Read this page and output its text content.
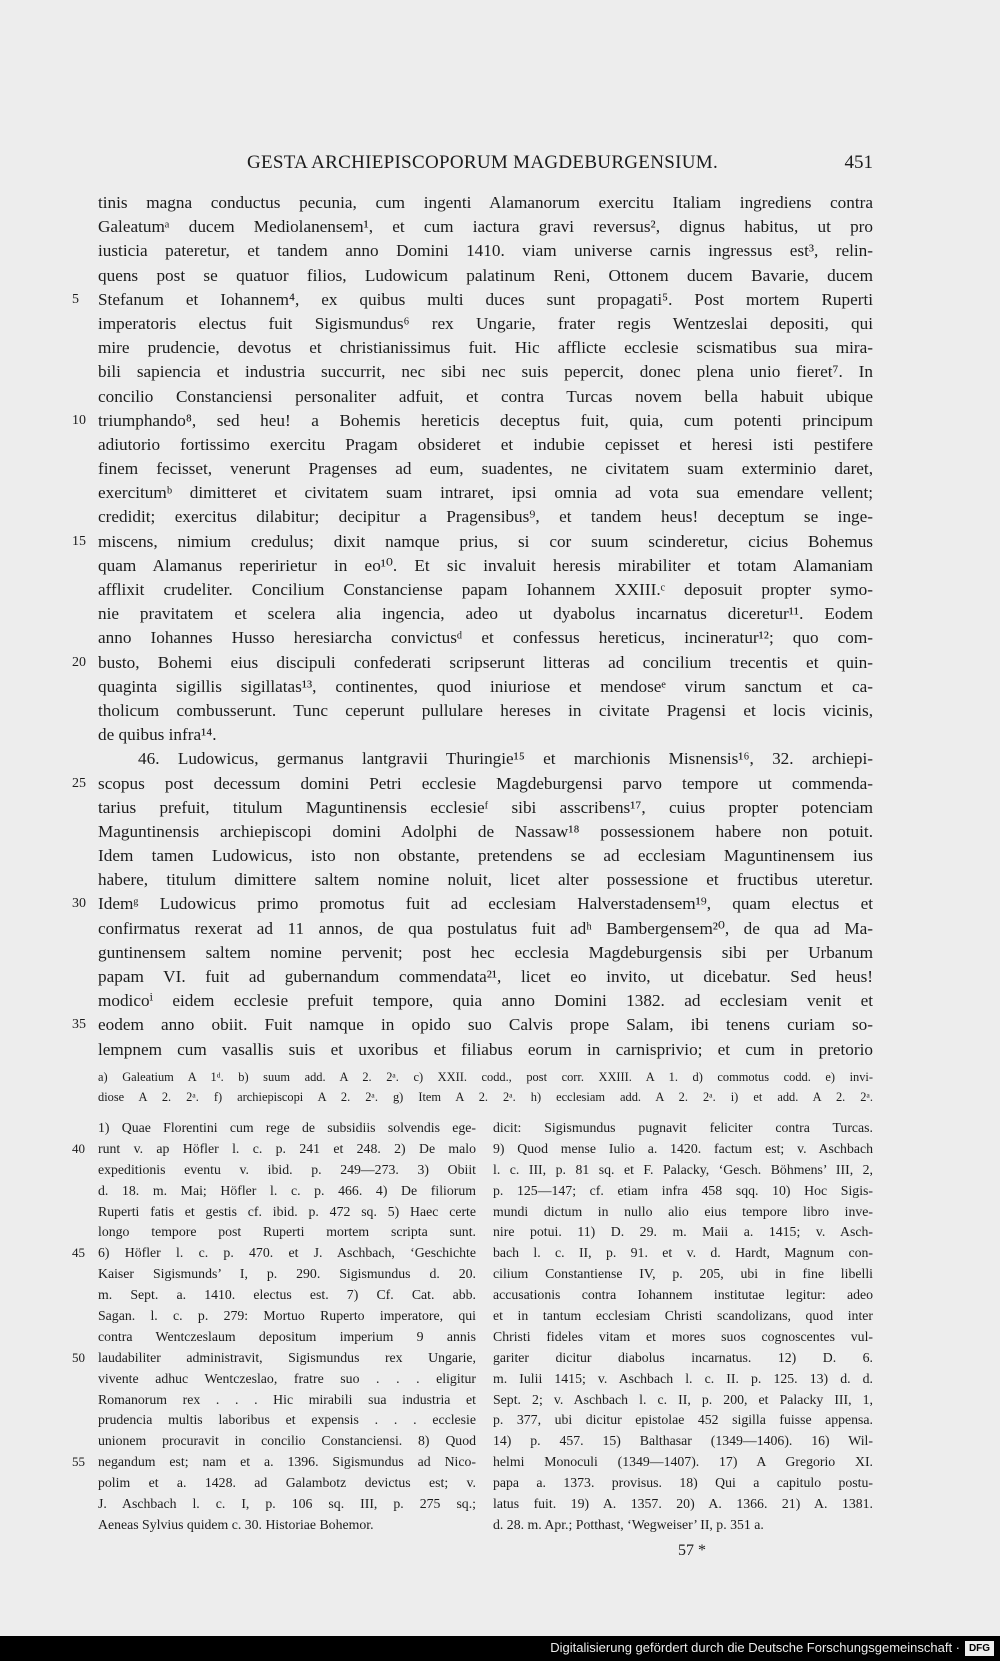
GESTA ARCHIEPISCOPORUM MAGDEBURGENSIUM.	451
tinis magna conductus pecunia, cum ingenti Alamanorum exercitu Italiam ingrediens contra
Galeatumᵃ ducem Mediolanensem¹, et cum iactura gravi reversus², dignus habitus, ut pro
iusticia pateretur, et tandem anno Domini 1410. viam universe carnis ingressus est³, relin-
quens post se quatuor filios, Ludowicum palatinum Reni, Ottonem ducem Bavarie, ducem
5 Stefanum et Iohannem⁴, ex quibus multi duces sunt propagati⁵. Post mortem Ruperti
imperatoris electus fuit Sigismundus⁶ rex Ungarie, frater regis Wentzeslai depositi, qui
mire prudencie, devotus et christianissimus fuit. Hic afflicte ecclesie scismatibus sua mira-
bili sapiencia et industria succurrit, nec sibi nec suis pepercit, donec plena unio fieret⁷. In
concilio Constanciensi personaliter adfuit, et contra Turcas novem bella habuit ubique
10 triumphando⁸, sed heu! a Bohemis hereticis deceptus fuit, quia, cum potenti principum
adiutorio fortissimo exercitu Pragam obsideret et indubie cepisset et heresi isti pestifere
finem fecisset, venerunt Pragenses ad eum, suadentes, ne civitatem suam exterminio daret,
exercitumᵇ dimitteret et civitatem suam intraret, ipsi omnia ad vota sua emendare vellent;
credidit; exercitus dilabitur; decipitur a Pragensibus⁹, et tandem heus! deceptum se inge-
15 miscens, nimium credulus; dixit namque prius, si cor suum scinderetur, cicius Bohemus
quam Alamanus reperirietur in eo¹⁰. Et sic invaluit heresis mirabiliter et totam Alamaniam
afflixit crudeliter. Concilium Constanciense papam Iohannem XXIII.ᶜ deposuit propter symo-
nie pravitatem et scelera alia ingencia, adeo ut dyabolus incarnatus diceretur¹¹. Eodem
anno Iohannes Husso heresiarcha convictusᵈ et confessus hereticus, incineratur¹²; quo com-
20 busto, Bohemi eius discipuli confederati scripserunt litteras ad concilium trecentis et quin-
quaginta sigillis sigillatas¹³, continentes, quod iniuriose et mendoseᵉ virum sanctum et ca-
tholicum combusserunt. Tunc ceperunt pullulare hereses in civitate Pragensi et locis vicinis,
de quibus infra¹⁴.
46. Ludowicus, germanus lantgravii Thuringie¹⁵ et marchionis Misnensis¹⁶, 32. archiepi-
25 scopus post decessum domini Petri ecclesie Magdeburgensi parvo tempore ut commenda-
tarius prefuit, titulum Maguntinensis ecclesieᶠ sibi asscribens¹⁷, cuius propter potenciam
Maguntinensis archiepiscopi domini Adolphi de Nassaw¹⁸ possessionem habere non potuit.
Idem tamen Ludowicus, isto non obstante, pretendens se ad ecclesiam Maguntinensem ius
habere, titulum dimittere saltem nomine noluit, licet alter possessione et fructibus uteretur.
30 Idemᵍ Ludowicus primo promotus fuit ad ecclesiam Halverstadensem¹⁹, quam electus et
confirmatus rexerat ad 11 annos, de qua postulatus fuit adʰ Bambergensem²⁰, de qua ad Ma-
guntinensem saltem nomine pervenit; post hec ecclesia Magdeburgensis sibi per Urbanum
papam VI. fuit ad gubernandum commendata²¹, licet eo invito, ut dicebatur. Sed heus!
modicoⁱ eidem ecclesie prefuit tempore, quia anno Domini 1382. ad ecclesiam venit et
35 eodem anno obiit. Fuit namque in opido suo Calvis prope Salam, ibi tenens curiam so-
lempnem cum vasallis suis et uxoribus et filiabus eorum in carnisprivio; et cum in pretorio
a) Galeatium A 1ᵈ. b) suum add. A 2. 2ᵃ. c) XXII. codd., post corr. XXIII. A 1. d) commotus codd. e) invi-
diose A 2. 2ᵃ. f) archiepiscopi A 2. 2ᵃ. g) Item A 2. 2ᵃ. h) ecclesiam add. A 2. 2ᵃ. i) et add. A 2. 2ᵃ.
1) Quae Florentini cum rege de subsidiis solvendis ege-
40 runt v. ap Höfler l. c. p. 241 et 248. 2) De malo
expeditionis eventu v. ibid. p. 249—273. 3) Obiit
d. 18. m. Mai; Höfler l. c. p. 466. 4) De filiorum
Ruperti fatis et gestis cf. ibid. p. 472 sq. 5) Haec certe
longo tempore post Ruperti mortem scripta sunt.
45 6) Höfler l. c. p. 470. et J. Aschbach, ‘Geschichte
Kaiser Sigismunds’ I, p. 290. Sigismundus d. 20.
m. Sept. a. 1410. electus est. 7) Cf. Cat. abb.
Sagan. l. c. p. 279: Mortuo Ruperto imperatore, qui
contra Wentczeslaum depositum imperium 9 annis
50 laudabiliter administravit, Sigismundus rex Ungarie,
vivente adhuc Wentczeslao, fratre suo . . . eligitur
Romanorum rex . . . Hic mirabili sua industria et
prudencia multis laboribus et expensis . . . ecclesie
unionem procuravit in concilio Constanciensi. 8) Quod
55 negandum est; nam et a. 1396. Sigismundus ad Nico-
polim et a. 1428. ad Galambotz devictus est; v.
J. Aschbach l. c. I, p. 106 sq. III, p. 275 sq.;
Aeneas Sylvius quidem c. 30. Historiae Bohemor.
dicit: Sigismundus pugnavit feliciter contra Turcas.
9) Quod mense Iulio a. 1420. factum est; v. Aschbach
l. c. III, p. 81 sq. et F. Palacky, ‘Gesch. Böhmens’ III, 2,
p. 125—147; cf. etiam infra 458 sqq. 10) Hoc Sigis-
mundi dictum in nullo alio eius tempore libro inve-
nire potui. 11) D. 29. m. Maii a. 1415; v. Asch-
bach l. c. II, p. 91. et v. d. Hardt, Magnum con-
cilium Constantiense IV, p. 205, ubi in fine libelli
accusationis contra Iohannem institutae legitur: adeo
et in tantum ecclesiam Christi scandolizans, quod inter
Christi fideles vitam et mores suos cognoscentes vul-
gariter dicitur diabolus incarnatus. 12) D. 6.
m. Iulii 1415; v. Aschbach l. c. II. p. 125. 13) d. d.
Sept. 2; v. Aschbach l. c. II, p. 200, et Palacky III, 1,
p. 377, ubi dicitur epistolae 452 sigilla fuisse appensa.
14) p. 457. 15) Balthasar (1349—1406). 16) Wil-
helmi Monoculi (1349—1407). 17) A Gregorio XI.
papa a. 1373. provisus. 18) Qui a capitulo postu-
latus fuit. 19) A. 1357. 20) A. 1366. 21) A. 1381.
d. 28. m. Apr.; Potthast, ‘Wegweiser’ II, p. 351 a.
57 *
Digitalisierung gefördert durch die Deutsche Forschungsgemeinschaft · DFG
